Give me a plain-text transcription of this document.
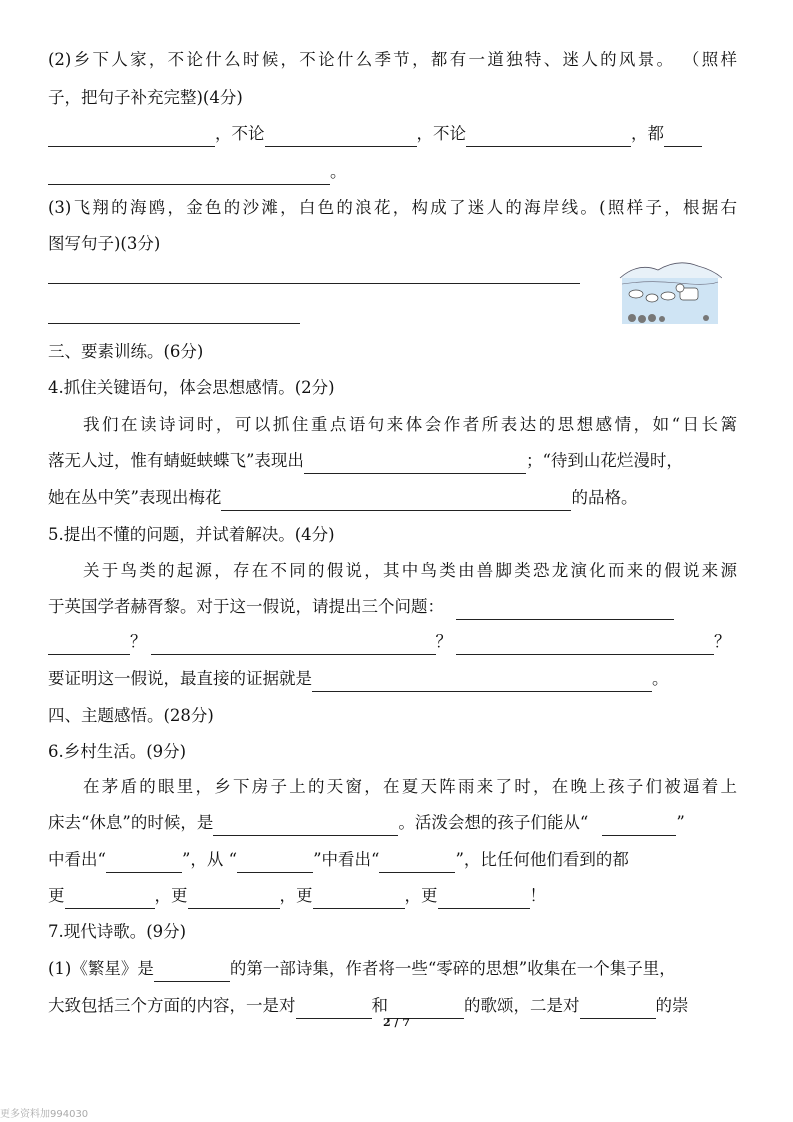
(2)乡下人家，不论什么时候，不论什么季节，都有一道独特、迷人的风景。 （照样
子，把句子补充完整)(4分)
，不论	，不论	，都
。
(3)飞翔的海鸥，金色的沙滩，白色的浪花，构成了迷人的海岸线。(照样子，根据右
图写句子)(3分)
三、要素训练。(6分)
4.抓住关键语句，体会思想感情。(2分)
我们在读诗词时，可以抓住重点语句来体会作者所表达的思想感情，如“日长篱
落无人过，惟有蜻蜓蛱蝶飞”表现出	；“待到山花烂漫时，
她在丛中笑”表现出梅花	的品格。
5.提出不懂的问题，并试着解决。(4分)
关于鸟类的起源，存在不同的假说，其中鸟类由兽脚类恐龙演化而来的假说来源
于英国学者赫胥黎。对于这一假说，请提出三个问题：
？	？	？
要证明这一假说，最直接的证据就是	。
四、主题感悟。(28分)
6.乡村生活。(9分)
在茅盾的眼里，乡下房子上的天窗，在夏天阵雨来了时，在晚上孩子们被逼着上
床去“休息”的时候，是	。活泼会想的孩子们能从“	”
中看出“	”，从 “	”中看出“	”，比任何他们看到的都
更	，更	，更	，更	！
7.现代诗歌。(9分)
(1)《繁星》是	的第一部诗集，作者将一些“零碎的思想”收集在一个集子里，
大致包括三个方面的内容，一是对	和	的歌颂，二是对	的崇
2 / 7
更多资料加994030
